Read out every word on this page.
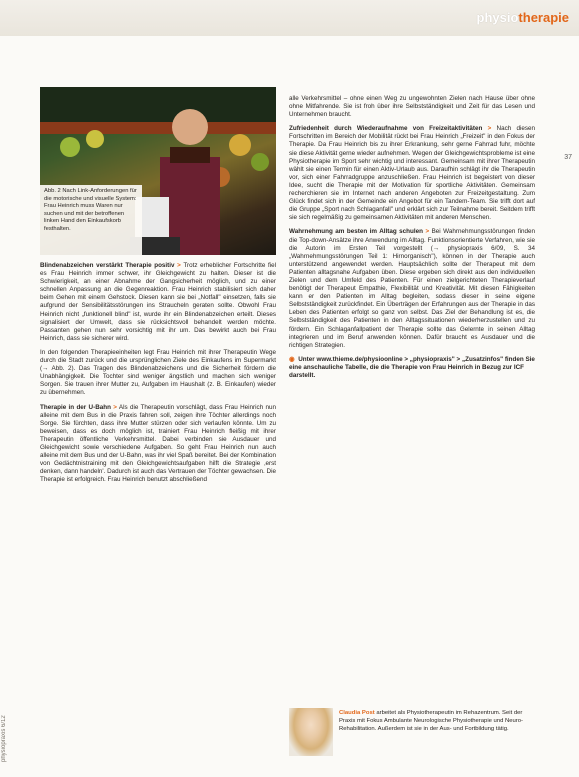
physiotherapie
37
physiopraxis 6/12
Abb. 2 Nach Link-Anforderungen für die motorische und visuelle System: Frau Heinrich muss Waren nur suchen und mit der betroffenen linken Hand den Einkaufskorb festhalten.
Blindenabzeichen verstärkt Therapie positiv > Trotz erheblicher Fortschritte fiel es Frau Heinrich immer schwer, ihr Gleichgewicht zu halten. Dieser ist die Schwierigkeit, an einer Abnahme der Gangsicherheit möglich, und zu einer schnellen Anpassung an die Gegenreaktion. Frau Heinrich stabilisiert sich daher beim Gehen mit einem Gehstock. Diesen kann sie bei „Notfall" einsetzen, falls sie aufgrund der Sensibilitätsstörungen ins Straucheln geraten sollte. Obwohl Frau Heinrich nicht „funktionell blind" ist, wurde ihr ein Blindenabzeichen erteilt. Dieses signalisiert der Umwelt, dass sie rücksichtsvoll behandelt werden möchte. Passanten gehen nun sehr vorsichtig mit ihr um. Das bewirkt auch bei Frau Heinrich, dass sie sicherer wird.
In den folgenden Therapieeinheiten legt Frau Heinrich mit ihrer Therapeutin Wege durch die Stadt zurück und die ursprünglichen Ziele des Einkaufens im Supermarkt (→ Abb. 2). Das Tragen des Blindenabzeichens und die Sicherheit fördern die Unabhängigkeit. Die Tochter sind weniger ängstlich und machen sich weniger Sorgen. Sie trauen ihrer Mutter zu, Aufgaben im Haushalt (z. B. Einkaufen) wieder zu übernehmen.
Therapie in der U-Bahn > Als die Therapeutin vorschlägt, dass Frau Heinrich nun alleine mit dem Bus in die Praxis fahren soll, zeigen ihre Töchter allerdings noch Sorge. Sie fürchten, dass ihre Mutter stürzen oder sich verlaufen könnte. Um zu beweisen, dass es doch möglich ist, trainiert Frau Heinrich fleißig mit ihrer Therapeutin öffentliche Verkehrsmittel. Dabei verbinden sie Ausdauer und Gleichgewicht sowie verschiedene Aufgaben. So geht Frau Heinrich nun auch alleine mit dem Bus und der U-Bahn, was ihr viel Spaß bereitet. Bei der Kombination von Gedächtnistraining mit den Gleichgewichtsaufgaben hilft die Strategie ‚erst denken, dann handeln'. Dadurch ist auch das Vertrauen der Töchter gewachsen. Die Therapie ist erfolgreich. Frau Heinrich benutzt abschließend
alle Verkehrsmittel – ohne einen Weg zu ungewohnten Zielen nach Hause über ohne ohne Mitfahrende. Sie ist froh über ihre Selbstständigkeit und Zeit für das Lesen und Unternehmen braucht.
Zufriedenheit durch Wiederaufnahme von Freizeitaktivitäten > Nach diesen Fortschritten im Bereich der Mobilität rückt bei Frau Heinrich „Freizeit" in den Fokus der Therapie. Da Frau Heinrich bis zu ihrer Erkrankung, sehr gerne Fahrrad fuhr, möchte sie diese Aktivität gerne wieder aufnehmen. Wegen der Gleichgewichtsprobleme ist eine Physiotherapie im Sport sehr wichtig und interessant. Gemeinsam mit ihrer Therapeutin wählt sie einen Termin für einen Aktiv-Urlaub aus. Daraufhin schlägt ihr die Therapeutin vor, sich einer Fahrradgruppe anzuschließen. Frau Heinrich ist begeistert von dieser Idee, sucht die Therapie mit der Motivation für sportliche Aktivitäten. Gemeinsam recherchieren sie im Internet nach anderen Angeboten zur Freizeitgestaltung. Zum Glück findet sich in der Gemeinde ein Angebot für ein Tandem-Team. Sie trifft dort auf die Gruppe „Sport nach Schlaganfall" und erklärt sich zur Teilnahme bereit. Seitdem trifft sie sich regelmäßig zu gemeinsamen Aktivitäten mit anderen Menschen.
Wahrnehmung am besten im Alltag schulen > Bei Wahrnehmungsstörungen finden die Top-down-Ansätze ihre Anwendung im Alltag. Funktionsorientierte Verfahren, wie sie die Autorin im Ersten Teil vorgestellt (→ physiopraxis 6/09, S. 34 „Wahrnehmungsstörungen Teil 1: Hirnorganisch"), können in der Therapie auch unterstützend angewendet werden. Hauptsächlich sollte der Therapeut mit dem Patienten alltagsnahe Aufgaben üben. Diese ergeben sich direkt aus den individuellen Zielen und dem Umfeld des Patienten. Für einen zielgerichteten Therapieverlauf benötigt der Therapeut Empathie, Flexibilität und Kreativität. Mit diesen Fähigkeiten kann er den Patienten im Alltag begleiten, sodass dieser in seine eigene Selbstständigkeit zurückfindet. Ein Überträgen der Erfahrungen aus der Therapie in das Leben des Patienten erfolgt so ganz von selbst. Das Ziel der Behandlung ist es, die Selbstständigkeit des Patienten in den Alltagssituationen wiederherzustellen und zu fördern. Ein Schlaganfallpatient der Therapie sollte das Gelernte in seinen Alltag integrieren und im Beruf anwenden können. Dafür braucht es Ausdauer und die richtigen Strategien.
◉ Unter www.thieme.de/physioonline > „physiopraxis" > „Zusatzinfos" finden Sie eine anschauliche Tabelle, die die Therapie von Frau Heinrich in Bezug zur ICF darstellt.
Claudia Post arbeitet als Physiotherapeutin im Rehazentrum. Seit der Praxis mit Fokus Ambulante Neurologische Physiotherapie und Neuro-Rehabilitation. Außerdem ist sie in der Aus- und Fortbildung tätig.
